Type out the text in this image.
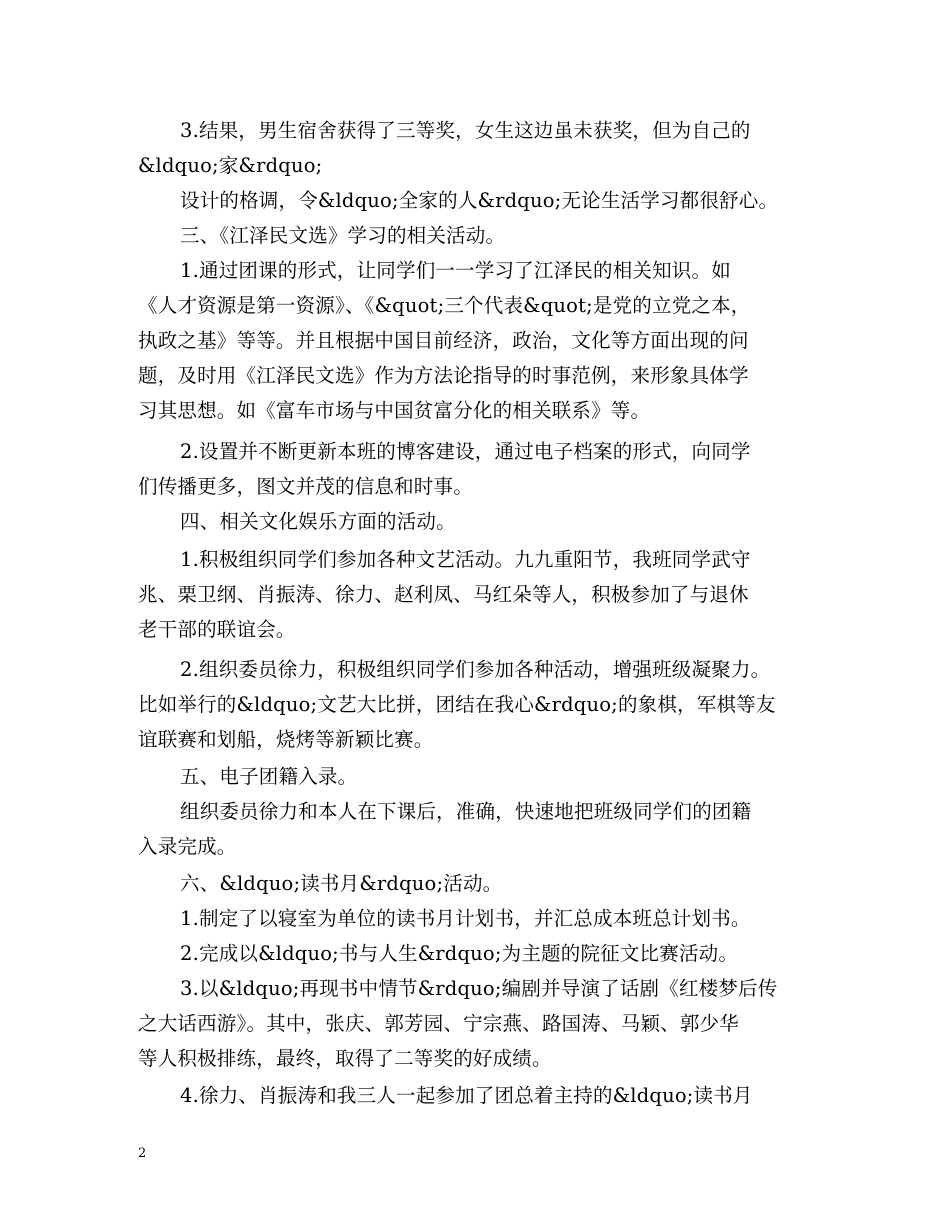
3.结果，男生宿舍获得了三等奖，女生这边虽未获奖，但为自己的

&ldquo;家&rdquo;

设计的格调，令&ldquo;全家的人&rdquo;无论生活学习都很舒心。

三、《江泽民文选》学习的相关活动。

1.通过团课的形式，让同学们一一学习了江泽民的相关知识。如

《人才资源是第一资源》、《&quot;三个代表&quot;是党的立党之本，

执政之基》等等。并且根据中国目前经济，政治，文化等方面出现的问

题，及时用《江泽民文选》作为方法论指导的时事范例，来形象具体学

习其思想。如《富车市场与中国贫富分化的相关联系》等。

2.设置并不断更新本班的博客建设，通过电子档案的形式，向同学

们传播更多，图文并茂的信息和时事。

四、相关文化娱乐方面的活动。

1.积极组织同学们参加各种文艺活动。九九重阳节，我班同学武守

兆、栗卫纲、肖振涛、徐力、赵利凤、马红朵等人，积极参加了与退休

老干部的联谊会。

2.组织委员徐力，积极组织同学们参加各种活动，增强班级凝聚力。

比如举行的&ldquo;文艺大比拼，团结在我心&rdquo;的象棋，军棋等友

谊联赛和划船，烧烤等新颖比赛。

五、电子团籍入录。

组织委员徐力和本人在下课后，准确，快速地把班级同学们的团籍

入录完成。

六、&ldquo;读书月&rdquo;活动。

1.制定了以寝室为单位的读书月计划书，并汇总成本班总计划书。

2.完成以&ldquo;书与人生&rdquo;为主题的院征文比赛活动。

3.以&ldquo;再现书中情节&rdquo;编剧并导演了话剧《红楼梦后传

之大话西游》。其中，张庆、郭芳园、宁宗燕、路国涛、马颖、郭少华

等人积极排练，最终，取得了二等奖的好成绩。

4.徐力、肖振涛和我三人一起参加了团总着主持的&ldquo;读书月

2
